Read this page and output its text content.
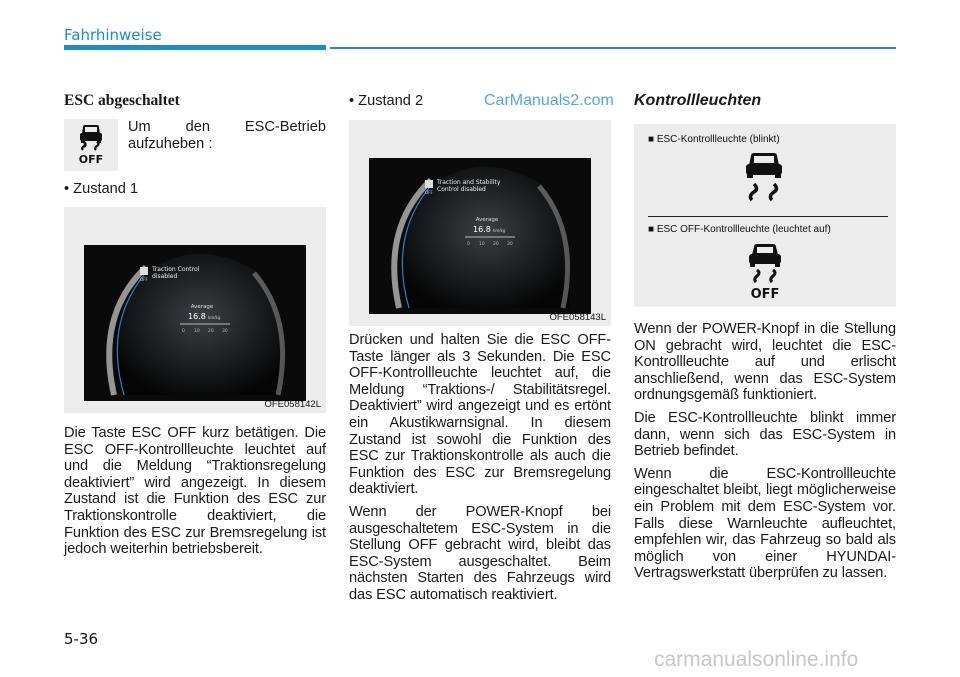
Fahrhinweise
CarManuals2.com
ESC abgeschaltet
OFF
Um den ESC-Betrieb aufzuheben :
• Zustand 1
Traction Control
disabled
OFF
Average
16.8 km/kg
0 10 20 30
OFE058142L

Die Taste ESC OFF kurz betätigen. Die ESC OFF-Kontrollleuchte leuchtet auf und die Meldung “Traktionsregelung deaktiviert” wird angezeigt. In diesem Zustand ist die Funktion des ESC zur Traktionskontrolle deaktiviert, die Funktion des ESC zur Bremsregelung ist jedoch weiterhin betriebsbereit.

• Zustand 2
Traction and Stability
Control disabled
OFF
Average
16.8 km/kg
0 10 20 30
OFE058143L

Drücken und halten Sie die ESC OFF-Taste länger als 3 Sekunden. Die ESC OFF-Kontrollleuchte leuchtet auf, die Meldung “Traktions-/ Stabilitätsregel. Deaktiviert” wird angezeigt und es ertönt ein Akustikwarnsignal. In diesem Zustand ist sowohl die Funktion des ESC zur Traktionskontrolle als auch die Funktion des ESC zur Bremsregelung deaktiviert.

Wenn der POWER-Knopf bei ausgeschaltetem ESC-System in die Stellung OFF gebracht wird, bleibt das ESC-System ausgeschaltet. Beim nächsten Starten des Fahrzeugs wird das ESC automatisch reaktiviert.

Kontrollleuchten
■ ESC-Kontrollleuchte (blinkt)
■ ESC OFF-Kontrollleuchte (leuchtet auf)
OFF

Wenn der POWER-Knopf in die Stellung ON gebracht wird, leuchtet die ESC-Kontrollleuchte auf und erlischt anschließend, wenn das ESC-System ordnungsgemäß funktioniert.

Die ESC-Kontrollleuchte blinkt immer dann, wenn sich das ESC-System in Betrieb befindet.

Wenn die ESC-Kontrollleuchte eingeschaltet bleibt, liegt möglicherweise ein Problem mit dem ESC-System vor. Falls diese Warnleuchte aufleuchtet, empfehlen wir, das Fahrzeug so bald als möglich von einer HYUNDAI-Vertragswerkstatt überprüfen zu lassen.

5-36
carmanualsonline.info
